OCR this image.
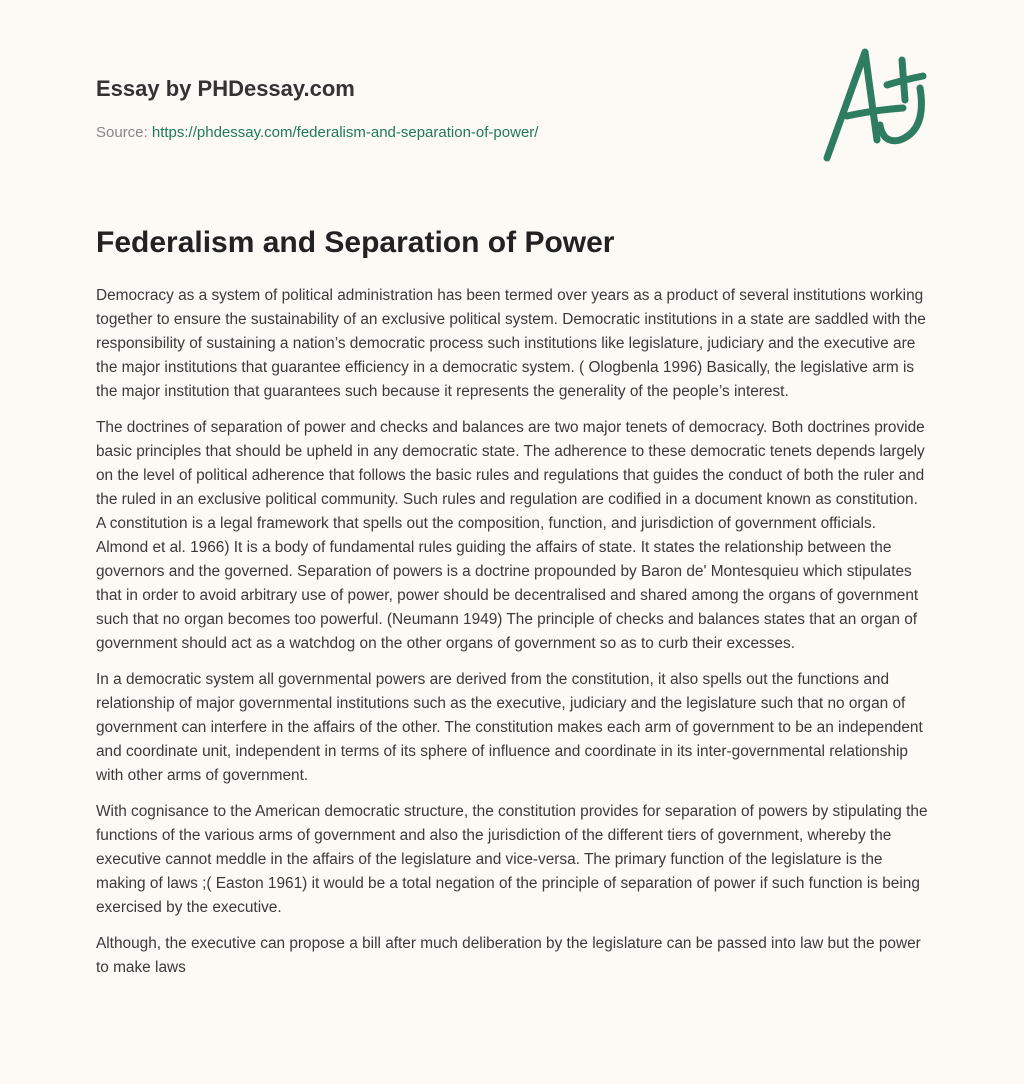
Essay by PHDessay.com
Source: https://phdessay.com/federalism-and-separation-of-power/
Federalism and Separation of Power

Democracy as a system of political administration has been termed over years as a product of several institutions working together to ensure the sustainability of an exclusive political system. Democratic institutions in a state are saddled with the responsibility of sustaining a nation’s democratic process such institutions like legislature, judiciary and the executive are the major institutions that guarantee efficiency in a democratic system. ( Ologbenla 1996) Basically, the legislative arm is the major institution that guarantees such because it represents the generality of the people’s interest.

The doctrines of separation of power and checks and balances are two major tenets of democracy. Both doctrines provide basic principles that should be upheld in any democratic state. The adherence to these democratic tenets depends largely on the level of political adherence that follows the basic rules and regulations that guides the conduct of both the ruler and the ruled in an exclusive political community. Such rules and regulation are codified in a document known as constitution. A constitution is a legal framework that spells out the composition, function, and jurisdiction of government officials. Almond et al. 1966) It is a body of fundamental rules guiding the affairs of state. It states the relationship between the governors and the governed. Separation of powers is a doctrine propounded by Baron de' Montesquieu which stipulates that in order to avoid arbitrary use of power, power should be decentralised and shared among the organs of government such that no organ becomes too powerful. (Neumann 1949) The principle of checks and balances states that an organ of government should act as a watchdog on the other organs of government so as to curb their excesses.

In a democratic system all governmental powers are derived from the constitution, it also spells out the functions and relationship of major governmental institutions such as the executive, judiciary and the legislature such that no organ of government can interfere in the affairs of the other. The constitution makes each arm of government to be an independent and coordinate unit, independent in terms of its sphere of influence and coordinate in its inter-governmental relationship with other arms of government.

With cognisance to the American democratic structure, the constitution provides for separation of powers by stipulating the functions of the various arms of government and also the jurisdiction of the different tiers of government, whereby the executive cannot meddle in the affairs of the legislature and vice-versa. The primary function of the legislature is the making of laws ;( Easton 1961) it would be a total negation of the principle of separation of power if such function is being exercised by the executive.

Although, the executive can propose a bill after much deliberation by the legislature can be passed into law but the power to make laws
